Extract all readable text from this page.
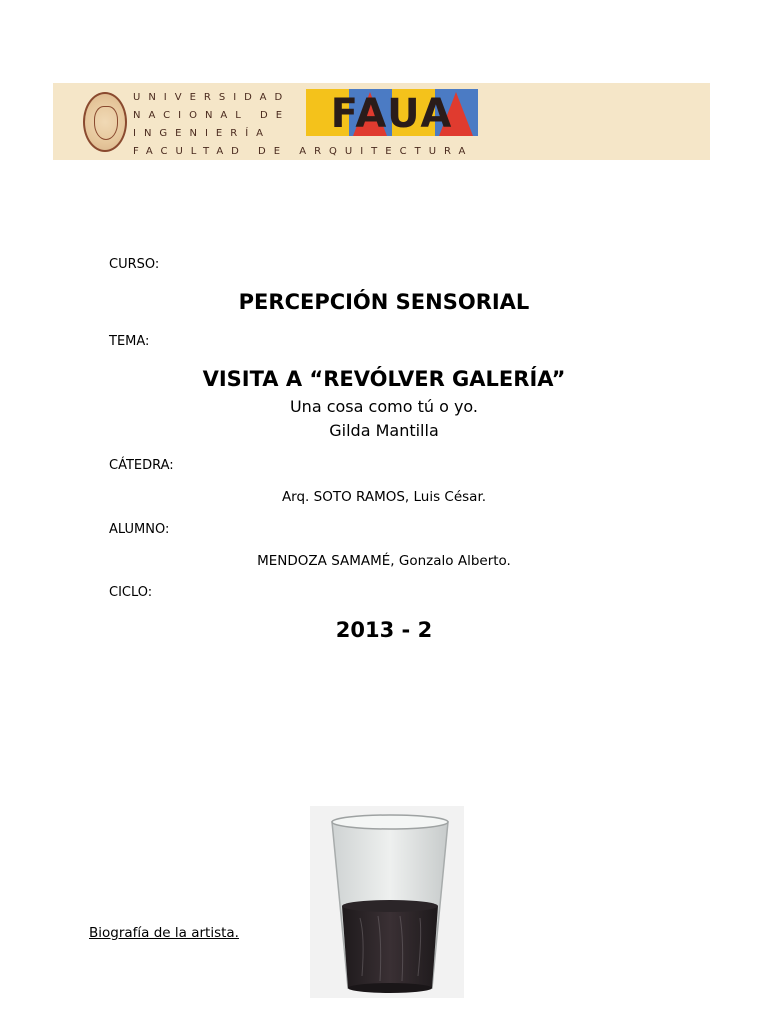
UNIVERSIDAD
NACIONAL DE
INGENIERÍA
FACULTAD DE ARQUITECTURA
FAUA
CURSO:
PERCEPCIÓN SENSORIAL
TEMA:
VISITA A “REVÓLVER GALERÍA”
Una cosa como tú o yo.
Gilda Mantilla
CÁTEDRA:
Arq. SOTO RAMOS, Luis César.
ALUMNO:
MENDOZA SAMAMÉ, Gonzalo Alberto.
CICLO:
2013 - 2
Biografía de la artista.
